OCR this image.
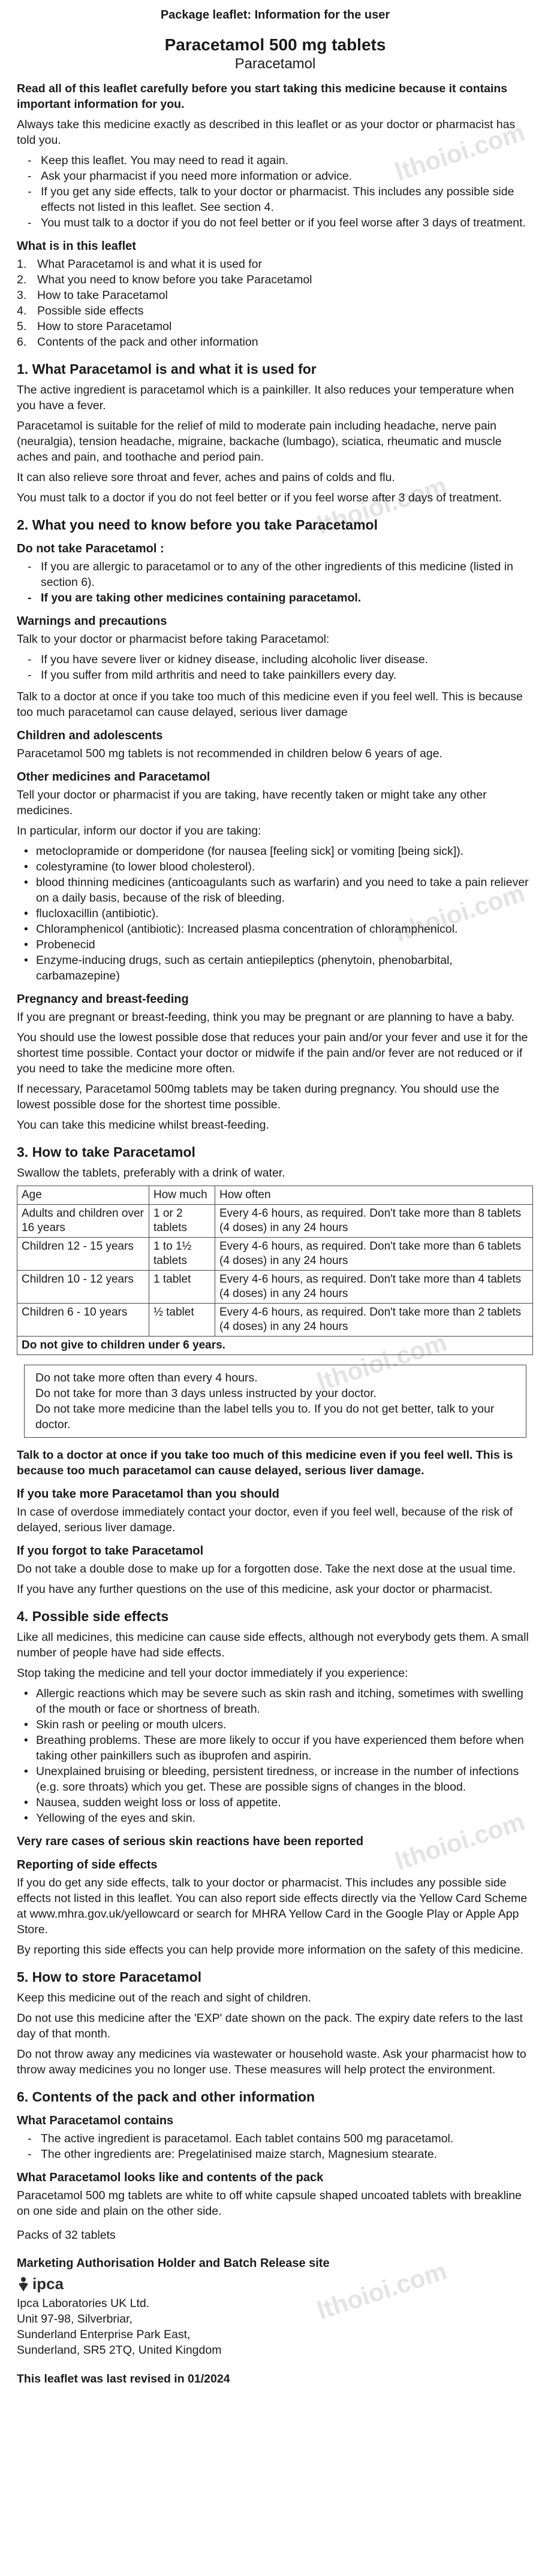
lthoioi.com
lthoioi.com
lthoioi.com
lthoioi.com
lthoioi.com
lthoioi.com
Package leaflet: Information for the user
Paracetamol 500 mg tablets
Paracetamol

Read all of this leaflet carefully before you start taking this medicine because it contains important information for you.

Always take this medicine exactly as described in this leaflet or as your doctor or pharmacist has told you.

- Keep this leaflet. You may need to read it again.
- Ask your pharmacist if you need more information or advice.
- If you get any side effects, talk to your doctor or pharmacist. This includes any possible side effects not listed in this leaflet. See section 4.
- You must talk to a doctor if you do not feel better or if you feel worse after 3 days of treatment.
What is in this leaflet
1. What Paracetamol is and what it is used for
2. What you need to know before you take Paracetamol
3. How to take Paracetamol
4. Possible side effects
5. How to store Paracetamol
6. Contents of the pack and other information
1. What Paracetamol is and what it is used for

The active ingredient is paracetamol which is a painkiller. It also reduces your temperature when you have a fever.

Paracetamol is suitable for the relief of mild to moderate pain including headache, nerve pain (neuralgia), tension headache, migraine, backache (lumbago), sciatica, rheumatic and muscle aches and pain, and toothache and period pain.

It can also relieve sore throat and fever, aches and pains of colds and flu.

You must talk to a doctor if you do not feel better or if you feel worse after 3 days of treatment.

2. What you need to know before you take Paracetamol
Do not take Paracetamol :
- If you are allergic to paracetamol or to any of the other ingredients of this medicine (listed in section 6).
- If you are taking other medicines containing paracetamol.
Warnings and precautions

Talk to your doctor or pharmacist before taking Paracetamol:

- If you have severe liver or kidney disease, including alcoholic liver disease.
- If you suffer from mild arthritis and need to take painkillers every day.

Talk to a doctor at once if you take too much of this medicine even if you feel well. This is because too much paracetamol can cause delayed, serious liver damage

Children and adolescents

Paracetamol 500 mg tablets is not recommended in children below 6 years of age.

Other medicines and Paracetamol

Tell your doctor or pharmacist if you are taking, have recently taken or might take any other medicines.

In particular, inform our doctor if you are taking:

• metoclopramide or domperidone (for nausea [feeling sick] or vomiting [being sick]).
• colestyramine (to lower blood cholesterol).
• blood thinning medicines (anticoagulants such as warfarin) and you need to take a pain reliever on a daily basis, because of the risk of bleeding.
• flucloxacillin (antibiotic).
• Chloramphenicol (antibiotic): Increased plasma concentration of chloramphenicol.
• Probenecid
• Enzyme-inducing drugs, such as certain antiepileptics (phenytoin, phenobarbital, carbamazepine)
Pregnancy and breast-feeding

If you are pregnant or breast-feeding, think you may be pregnant or are planning to have a baby.

You should use the lowest possible dose that reduces your pain and/or your fever and use it for the shortest time possible. Contact your doctor or midwife if the pain and/or fever are not reduced or if you need to take the medicine more often.

If necessary, Paracetamol 500mg tablets may be taken during pregnancy. You should use the lowest possible dose for the shortest time possible.

You can take this medicine whilst breast-feeding.

3. How to take Paracetamol

Swallow the tablets, preferably with a drink of water.

Age	How much	How often
Adults and children over 16 years	1 or 2 tablets	Every 4-6 hours, as required. Don't take more than 8 tablets (4 doses) in any 24 hours
Children 12 - 15 years	1 to 1½ tablets	Every 4-6 hours, as required. Don't take more than 6 tablets (4 doses) in any 24 hours
Children 10 - 12 years	1 tablet	Every 4-6 hours, as required. Don't take more than 4 tablets (4 doses) in any 24 hours
Children 6 - 10 years	½ tablet	Every 4-6 hours, as required. Don't take more than 2 tablets (4 doses) in any 24 hours
Do not give to children under 6 years.		

Do not take more often than every 4 hours.

Do not take for more than 3 days unless instructed by your doctor.

Do not take more medicine than the label tells you to. If you do not get better, talk to your doctor.

Talk to a doctor at once if you take too much of this medicine even if you feel well. This is because too much paracetamol can cause delayed, serious liver damage.

If you take more Paracetamol than you should

In case of overdose immediately contact your doctor, even if you feel well, because of the risk of delayed, serious liver damage.

If you forgot to take Paracetamol

Do not take a double dose to make up for a forgotten dose. Take the next dose at the usual time.

If you have any further questions on the use of this medicine, ask your doctor or pharmacist.

4. Possible side effects

Like all medicines, this medicine can cause side effects, although not everybody gets them. A small number of people have had side effects.

Stop taking the medicine and tell your doctor immediately if you experience:

• Allergic reactions which may be severe such as skin rash and itching, sometimes with swelling of the mouth or face or shortness of breath.
• Skin rash or peeling or mouth ulcers.
• Breathing problems. These are more likely to occur if you have experienced them before when taking other painkillers such as ibuprofen and aspirin.
• Unexplained bruising or bleeding, persistent tiredness, or increase in the number of infections (e.g. sore throats) which you get. These are possible signs of changes in the blood.
• Nausea, sudden weight loss or loss of appetite.
• Yellowing of the eyes and skin.
Very rare cases of serious skin reactions have been reported
Reporting of side effects

If you do get any side effects, talk to your doctor or pharmacist. This includes any possible side effects not listed in this leaflet. You can also report side effects directly via the Yellow Card Scheme at www.mhra.gov.uk/yellowcard or search for MHRA Yellow Card in the Google Play or Apple App Store.

By reporting this side effects you can help provide more information on the safety of this medicine.

5. How to store Paracetamol

Keep this medicine out of the reach and sight of children.

Do not use this medicine after the 'EXP' date shown on the pack. The expiry date refers to the last day of that month.

Do not throw away any medicines via wastewater or household waste. Ask your pharmacist how to throw away medicines you no longer use. These measures will help protect the environment.

6. Contents of the pack and other information
What Paracetamol contains
- The active ingredient is paracetamol. Each tablet contains 500 mg paracetamol.
- The other ingredients are: Pregelatinised maize starch, Magnesium stearate.
What Paracetamol looks like and contents of the pack

Paracetamol 500 mg tablets are white to off white capsule shaped uncoated tablets with breakline on one side and plain on the other side.

Packs of 32 tablets

Marketing Authorisation Holder and Batch Release site
ipca

Ipca Laboratories UK Ltd.

Unit 97-98, Silverbriar,

Sunderland Enterprise Park East,

Sunderland, SR5 2TQ, United Kingdom

This leaflet was last revised in 01/2024
